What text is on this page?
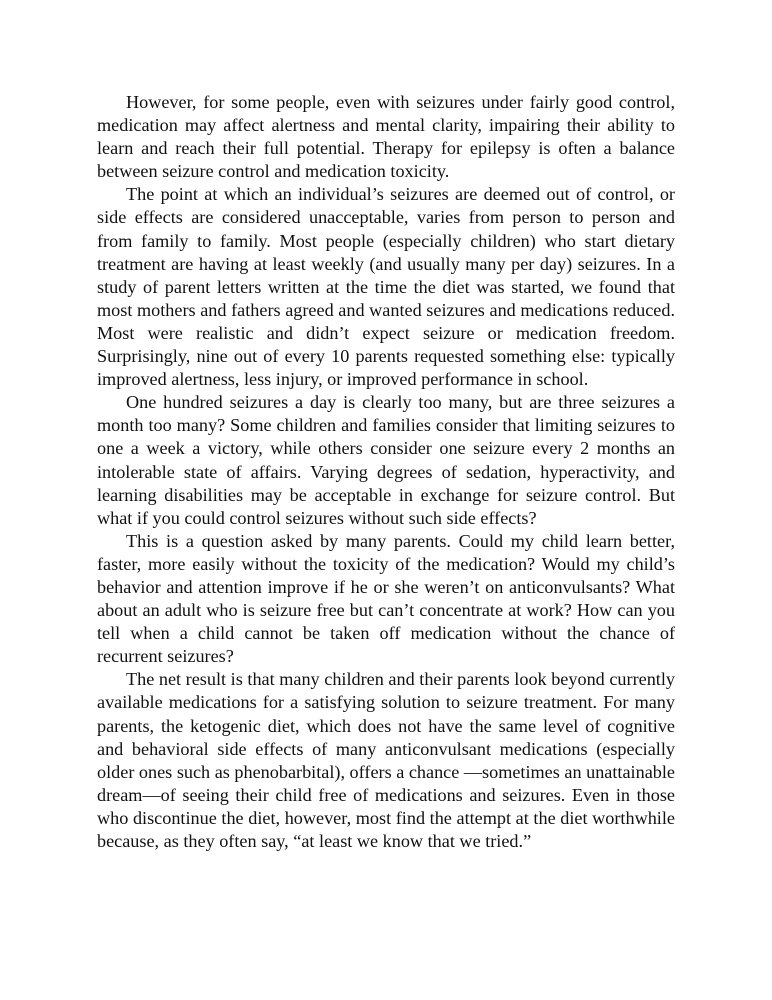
However, for some people, even with seizures under fairly good control, medication may affect alertness and mental clarity, impairing their ability to learn and reach their full potential. Therapy for epilepsy is often a balance between seizure control and medication toxicity.

The point at which an individual’s seizures are deemed out of control, or side effects are considered unacceptable, varies from person to person and from family to family. Most people (especially children) who start dietary treatment are having at least weekly (and usually many per day) seizures. In a study of parent letters written at the time the diet was started, we found that most mothers and fathers agreed and wanted seizures and medications reduced. Most were realistic and didn’t expect seizure or medication freedom. Surprisingly, nine out of every 10 parents requested something else: typically improved alertness, less injury, or improved performance in school.

One hundred seizures a day is clearly too many, but are three seizures a month too many? Some children and families consider that limiting seizures to one a week a victory, while others consider one seizure every 2 months an intolerable state of affairs. Varying degrees of sedation, hyperactivity, and learning disabilities may be acceptable in exchange for seizure control. But what if you could control seizures without such side effects?

This is a question asked by many parents. Could my child learn better, faster, more easily without the toxicity of the medication? Would my child’s behavior and attention improve if he or she weren’t on anticonvulsants? What about an adult who is seizure free but can’t concentrate at work? How can you tell when a child cannot be taken off medication without the chance of recurrent seizures?

The net result is that many children and their parents look beyond currently available medications for a satisfying solution to seizure treatment. For many parents, the ketogenic diet, which does not have the same level of cognitive and behavioral side effects of many anticonvulsant medications (especially older ones such as phenobarbital), offers a chance —sometimes an unattainable dream—of seeing their child free of medications and seizures. Even in those who discontinue the diet, however, most find the attempt at the diet worthwhile because, as they often say, “at least we know that we tried.”
